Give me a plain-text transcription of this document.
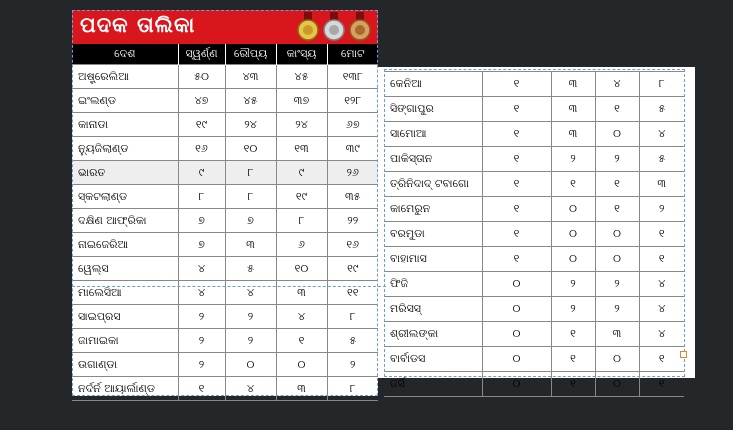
ପଦକ ତାଲିକା
ଦେଶ	ସ୍ୱର୍ଣ୍ଣ	ରୌପ୍ୟ	କାଂସ୍ୟ	ମୋଟ
ଅଷ୍ଟ୍ରେଲିଆ	୫୦	୪୩	୪୫	୧୩୮
ଇଂଲଣ୍ଡ	୪୭	୪୫	୩୭	୧୨୮
କାନାଡା	୧୯	୨୪	୨୪	୬୭
ନ୍ୟୁଜିଲାଣ୍ଡ	୧୬	୧୦	୧୩	୩୯
ଭାରତ	୯	୮	୯	୨୬
ସ୍କଟଲାଣ୍ଡ	୮	୮	୧୯	୩୫
ଦକ୍ଷିଣ ଆଫ୍ରିକା	୭	୭	୮	୨୨
ନାଇଜେରିଆ	୭	୩	୬	୧୬
ୱେଲ୍‌ସ	୪	୫	୧୦	୧୯
ମାଲେସିଆ	୪	୪	୩	୧୧
ସାଇପ୍ରସ	୨	୨	୪	୮
ଜାମାଇକା	୨	୨	୧	୫
ଉଗାଣ୍ଡା	୨	୦	୦	୨
ନର୍ଦର୍ନ ଆୟାର୍ଲାଣ୍ଡ	୧	୪	୩	୮
କେନିଆ	୧	୩	୪	୮
ସିଙ୍ଗାପୁର	୧	୩	୧	୫
ସାମୋଆ	୧	୩	୦	୪
ପାକିସ୍ତାନ	୧	୨	୨	୫
ତ୍ରିନିଦାଦ୍ ଟବାଗୋ	୧	୧	୧	୩
କାମେରୁନ	୧	୦	୧	୨
ବରମୁଡା	୧	୦	୦	୧
ବାହାମାସ	୧	୦	୦	୧
ଫିଜି	୦	୨	୨	୪
ମରିସସ୍	୦	୨	୨	୪
ଶ୍ରୀଲଙ୍କା	୦	୧	୩	୪
ବାର୍ବାଡସ	୦	୧	୦	୧
ଜର୍ସି	୦	୧	୦	୧
